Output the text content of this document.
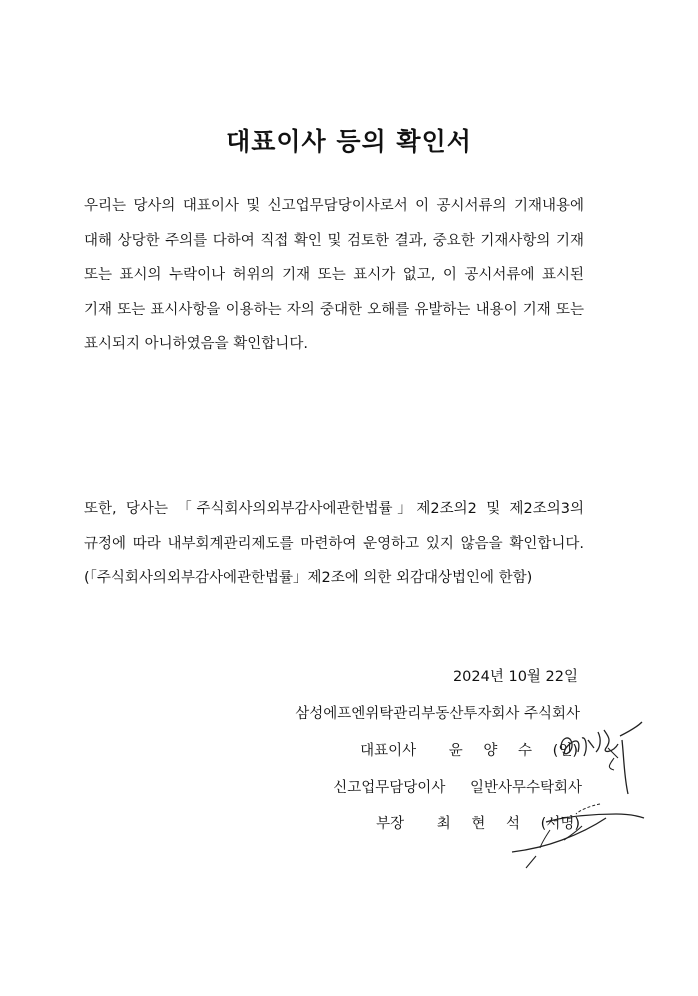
대표이사 등의 확인서

우리는 당사의 대표이사 및 신고업무담당이사로서 이 공시서류의 기재내용에 대해 상당한 주의를 다하여 직접 확인 및 검토한 결과, 중요한 기재사항의 기재 또는 표시의 누락이나 허위의 기재 또는 표시가 없고, 이 공시서류에 표시된 기재 또는 표시사항을 이용하는 자의 중대한 오해를 유발하는 내용이 기재 또는 표시되지 아니하였음을 확인합니다.

또한, 당사는 「주식회사의외부감사에관한법률」제2조의2 및 제2조의3의 규정에 따라 내부회계관리제도를 마련하여 운영하고 있지 않음을 확인합니다. (「주식회사의외부감사에관한법률」제2조에 의한 외감대상법인에 한함)

2024년 10월 22일
삼성에프엔위탁관리부동산투자회사 주식회사
대표이사 윤 양 수 (인)
신고업무담당이사 일반사무수탁회사
부장 최 현 석 (서명)
